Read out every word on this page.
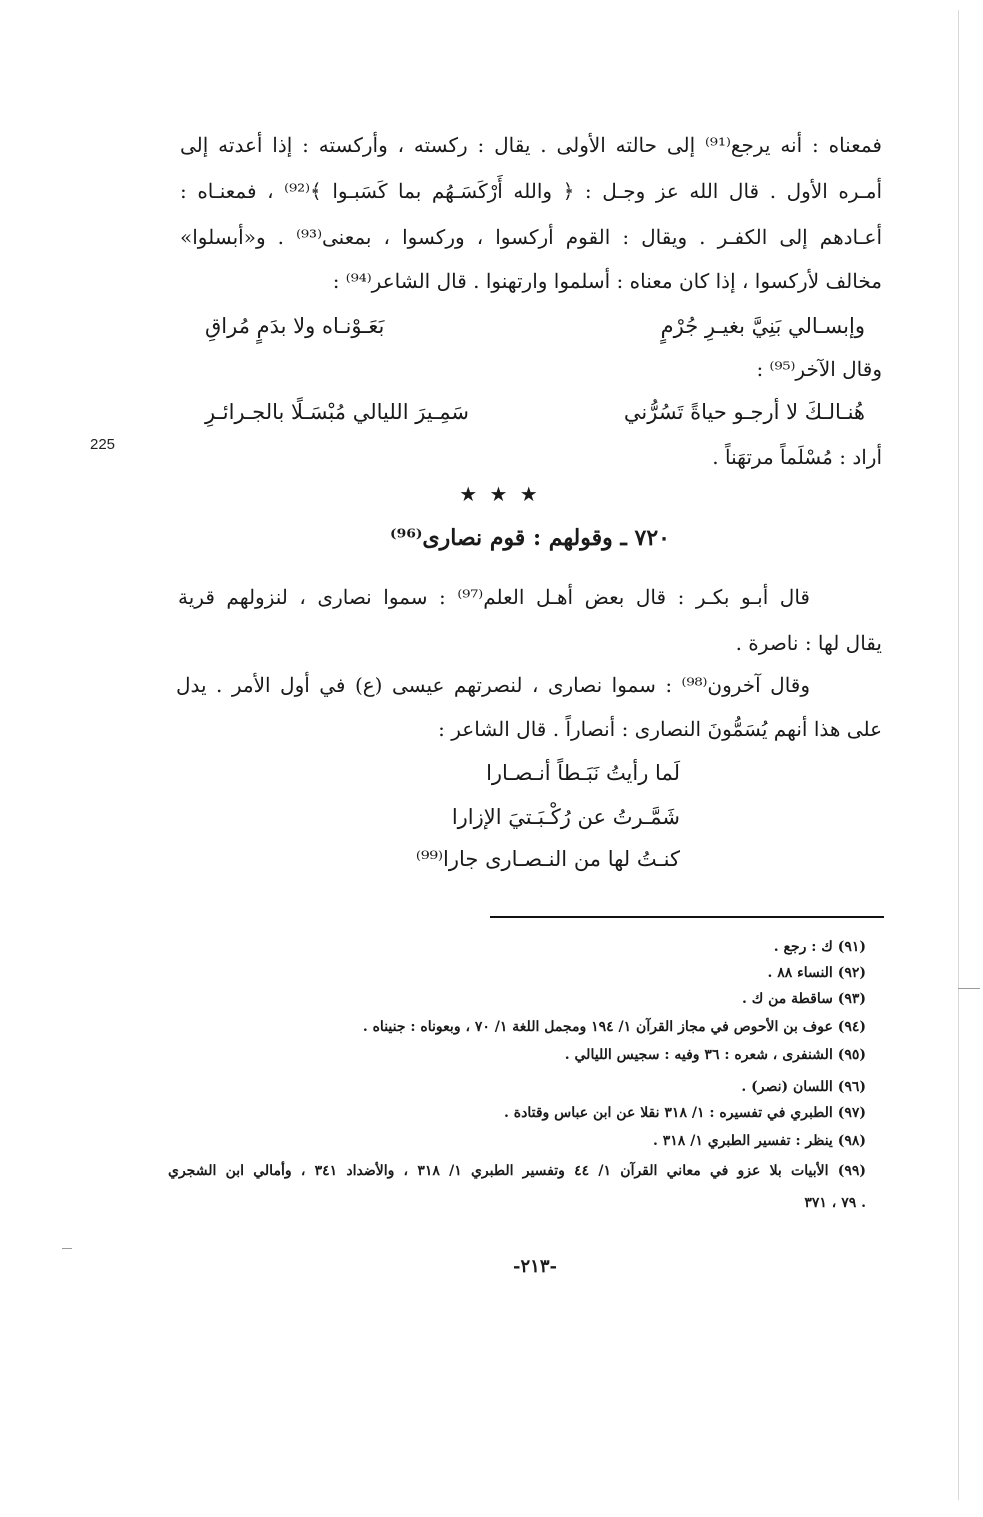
فمعناه : أنه يرجع⁽⁹¹⁾ إلى حالته الأولى . يقال : ركسته ، وأركسته : إذا أعدته إلى
أمـره الأول . قال الله عز وجـل : ﴿ والله أَرْكَسَـهُم بما كَسَبـوا ﴾⁽⁹²⁾ ، فمعنـاه :
أعـادهم إلى الكفـر . ويقال : القوم أركسوا ، وركسوا ، بمعنى⁽⁹³⁾ . و«أبسلوا»
مخالف لأركسوا ، إذا كان معناه : أسلموا وارتهنوا . قال الشاعر⁽⁹⁴⁾ :
وإبسـالي بَنِيَّ بغيـرِ جُرْمٍ
بَعَـوْنـاه ولا بدَمٍ مُراقِ
وقال الآخر⁽⁹⁵⁾ :
هُنـالـكَ لا أرجـو حياةً تَسُرُّني
سَمِـيرَ الليالي مُبْسَـلًا بالجـرائـرِ
225
أراد : مُسْلَماً مرتهَناً .
★ ★ ★
٧٢٠ ـ وقولهم : قوم نصارى⁽⁹⁶⁾
قال أبـو بكـر : قال بعض أهـل العلم⁽⁹⁷⁾ : سموا نصارى ، لنزولهم قرية
يقال لها : ناصرة .
وقال آخرون⁽⁹⁸⁾ : سموا نصارى ، لنصرتهم عيسى (ع) في أول الأمر . يدل
على هذا أنهم يُسَمُّونَ النصارى : أنصاراً . قال الشاعر :
لَما رأيتُ نَبَـطاً أنـصـارا
شَمَّـرتُ عن رُكْـبَـتيَ الإزارا
كنـتُ لها من النـصـارى جارا⁽⁹⁹⁾
(٩١) ك : رجع .
(٩٢) النساء ٨٨ .
(٩٣) ساقطة من ك .
(٩٤) عوف بن الأحوص في مجاز القرآن ١/ ١٩٤ ومجمل اللغة ١/ ٧٠ ، وبعوناه : جنيناه .
(٩٥) الشنفرى ، شعره : ٣٦ وفيه : سجيس الليالي .
(٩٦) اللسان (نصر) .
(٩٧) الطبري في تفسيره : ١/ ٣١٨ نقلا عن ابن عباس وقتادة .
(٩٨) ينظر : تفسير الطبري ١/ ٣١٨ .
(٩٩) الأبيات بلا عزو في معاني القرآن ١/ ٤٤ وتفسير الطبري ١/ ٣١٨ ، والأضداد ٣٤١ ، وأمالي ابن الشجري
٧٩ ، ٣٧١ .
-٢١٣-
